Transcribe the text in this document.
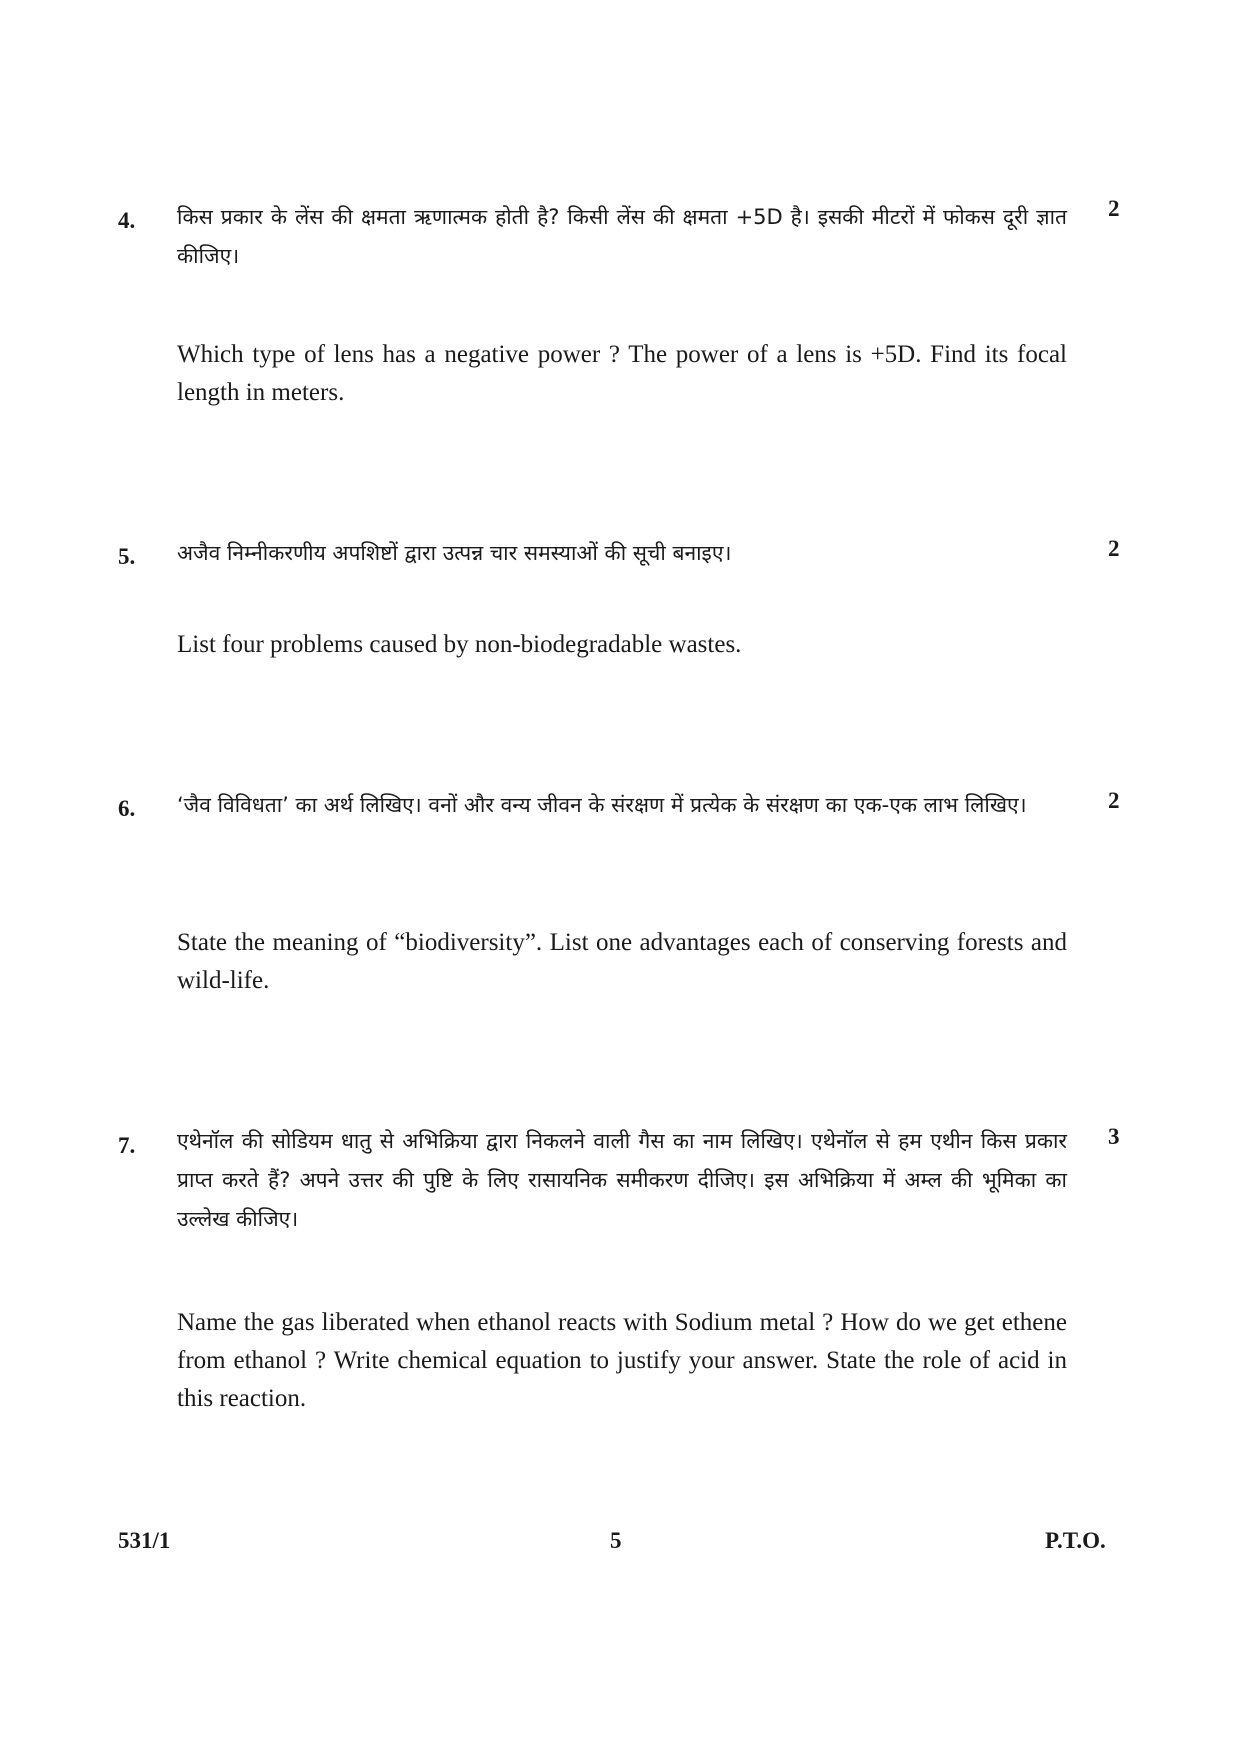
4.	2
किस प्रकार के लेंस की क्षमता ऋणात्मक होती है? किसी लेंस की क्षमता +5D है। इसकी मीटरों में फोकस दूरी ज्ञात कीजिए।
Which type of lens has a negative power ? The power of a lens is +5D. Find its focal length in meters.
5.	2
अजैव निम्नीकरणीय अपशिष्टों द्वारा उत्पन्न चार समस्याओं की सूची बनाइए।
List four problems caused by non-biodegradable wastes.
6.	2
‘जैव विविधता’ का अर्थ लिखिए। वनों और वन्य जीवन के संरक्षण में प्रत्येक के संरक्षण का एक-एक लाभ लिखिए।
State the meaning of “biodiversity”. List one advantages each of conserving forests and wild-life.
7.	3
एथेनॉल की सोडियम धातु से अभिक्रिया द्वारा निकलने वाली गैस का नाम लिखिए। एथेनॉल से हम एथीन किस प्रकार प्राप्त करते हैं? अपने उत्तर की पुष्टि के लिए रासायनिक समीकरण दीजिए। इस अभिक्रिया में अम्ल की भूमिका का उल्लेख कीजिए।
Name the gas liberated when ethanol reacts with Sodium metal ? How do we get ethene from ethanol ? Write chemical equation to justify your answer. State the role of acid in this reaction.
531/1	5	P.T.O.
